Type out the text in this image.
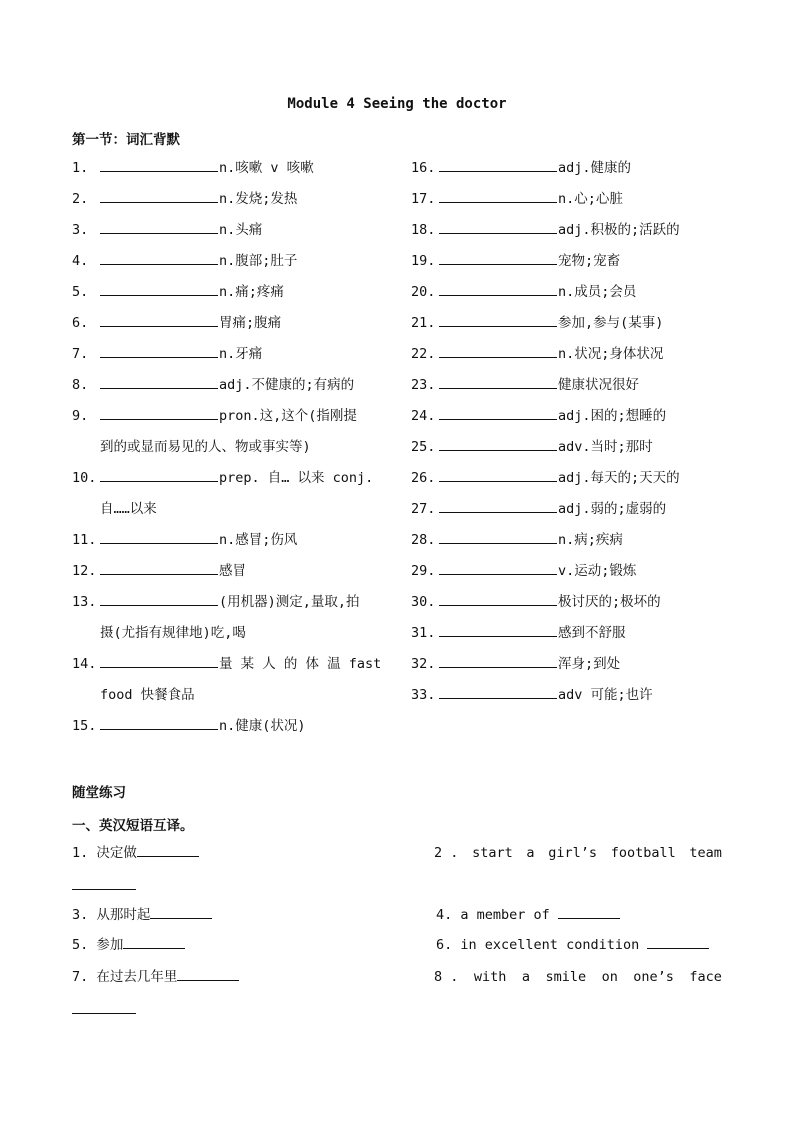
Module 4 Seeing the doctor
第一节：词汇背默
1.	n.咳嗽 v 咳嗽
2.	n.发烧;发热
3.	n.头痛
4.	n.腹部;肚子
5.	n.痛;疼痛
6.	胃痛;腹痛
7.	n.牙痛
8.	adj.不健康的;有病的
9.	pron.这,这个(指刚提
到的或显而易见的人、物或事实等)
10.	prep. 自… 以来 conj.
自……以来
11.	n.感冒;伤风
12.	感冒
13.	(用机器)测定,量取,拍
摄(尤指有规律地)吃,喝
14.	量 某 人 的 体 温 fast
food 快餐食品
15.	n.健康(状况)
16.	adj.健康的
17.	n.心;心脏
18.	adj.积极的;活跃的
19.	宠物;宠畜
20.	n.成员;会员
21.	参加,参与(某事)
22.	n.状况;身体状况
23.	健康状况很好
24.	adj.困的;想睡的
25.	adv.当时;那时
26.	adj.每天的;天天的
27.	adj.弱的;虚弱的
28.	n.病;疾病
29.	v.运动;锻炼
30.	极讨厌的;极坏的
31.	感到不舒服
32.	浑身;到处
33.	adv 可能;也许
随堂练习
一、英汉短语互译。
1. 决定做	2 . start a girl’s football team
3. 从那时起	4. a member of
5. 参加	6. in excellent condition
7. 在过去几年里	8 . with a smile on one’s face
